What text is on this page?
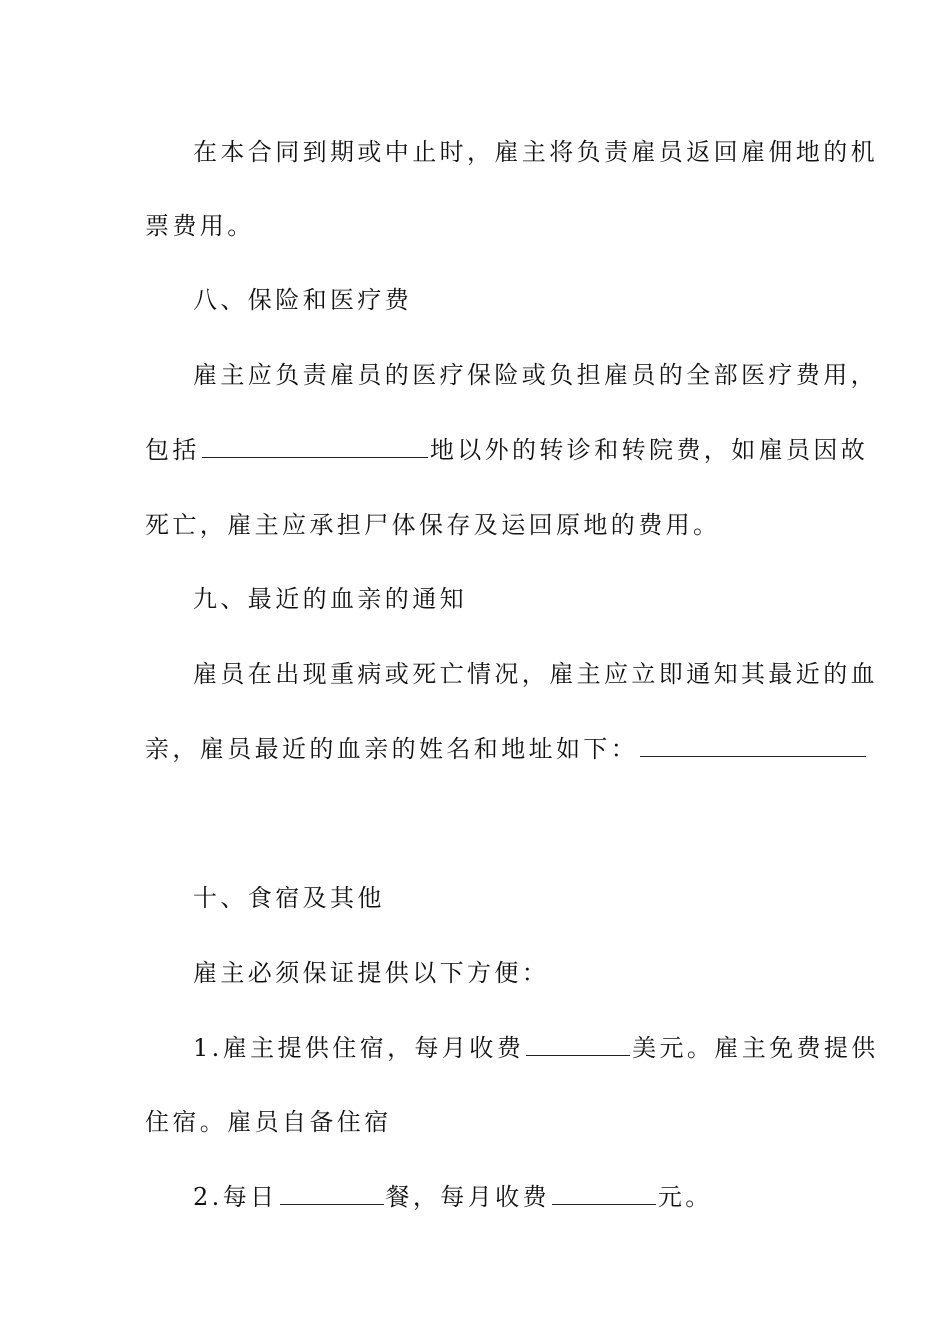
在本合同到期或中止时，雇主将负责雇员返回雇佣地的机

票费用。

八、保险和医疗费

雇主应负责雇员的医疗保险或负担雇员的全部医疗费用，

包括	地以外的转诊和转院费，如雇员因故

死亡，雇主应承担尸体保存及运回原地的费用。

九、最近的血亲的通知

雇员在出现重病或死亡情况，雇主应立即通知其最近的血

亲，雇员最近的血亲的姓名和地址如下：

十、食宿及其他

雇主必须保证提供以下方便：

1.雇主提供住宿，每月收费	美元。雇主免费提供

住宿。雇员自备住宿

2.每日	餐，每月收费	元。
